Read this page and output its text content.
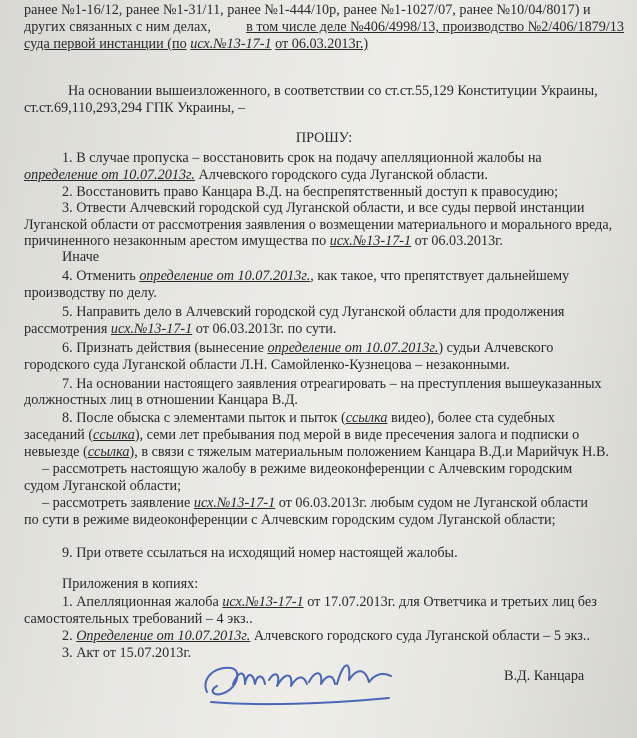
ранее №1-16/12, ранее №1-31/11, ранее №1-444/10р, ранее №1-1027/07, ранее №10/04/8017) и
других связанных с ним делах, в том числе деле №406/4998/13, производство №2/406/1879/13
суда первой инстанции (по исх.№13-17-1 от 06.03.2013г.)
На основании вышеизложенного, в соответствии со ст.ст.55,129 Конституции Украины,
ст.ст.69,110,293,294 ГПК Украины, –
ПРОШУ:
1. В случае пропуска – восстановить срок на подачу апелляционной жалобы на
определение от 10.07.2013г. Алчевского городского суда Луганской области.
2. Восстановить право Канцара В.Д. на беспрепятственный доступ к правосудию;
3. Отвести Алчевский городской суд Луганской области, и все суды первой инстанции
Луганской области от рассмотрения заявления о возмещении материального и морального вреда,
причиненного незаконным арестом имущества по исх.№13-17-1 от 06.03.2013г.
Иначе
4. Отменить определение от 10.07.2013г., как такое, что препятствует дальнейшему
производству по делу.
5. Направить дело в Алчевский городской суд Луганской области для продолжения
рассмотрения исх.№13-17-1 от 06.03.2013г. по сути.
6. Признать действия (вынесение определение от 10.07.2013г.) судьи Алчевского
городского суда Луганской области Л.Н. Самойленко-Кузнецова – незаконными.
7. На основании настоящего заявления отреагировать – на преступления вышеуказанных
должностных лиц в отношении Канцара В.Д.
8. После обыска с элементами пыток и пыток (ссылка видео), более ста судебных
заседаний (ссылка), семи лет пребывания под мерой в виде пресечения залога и подписки о
невыезде (ссылка), в связи с тяжелым материальным положением Канцара В.Д.и Марийчук Н.В.
– рассмотреть настоящую жалобу в режиме видеоконференции с Алчевским городским
судом Луганской области;
– рассмотреть заявление исх.№13-17-1 от 06.03.2013г. любым судом не Луганской области
по сути в режиме видеоконференции с Алчевским городским судом Луганской области;
9. При ответе ссылаться на исходящий номер настоящей жалобы.
Приложения в копиях:
1. Апелляционная жалоба исх.№13-17-1 от 17.07.2013г. для Ответчика и третьих лиц без
самостоятельных требований – 4 экз..
2. Определение от 10.07.2013г. Алчевского городского суда Луганской области – 5 экз..
3. Акт от 15.07.2013г.
В.Д. Канцара
